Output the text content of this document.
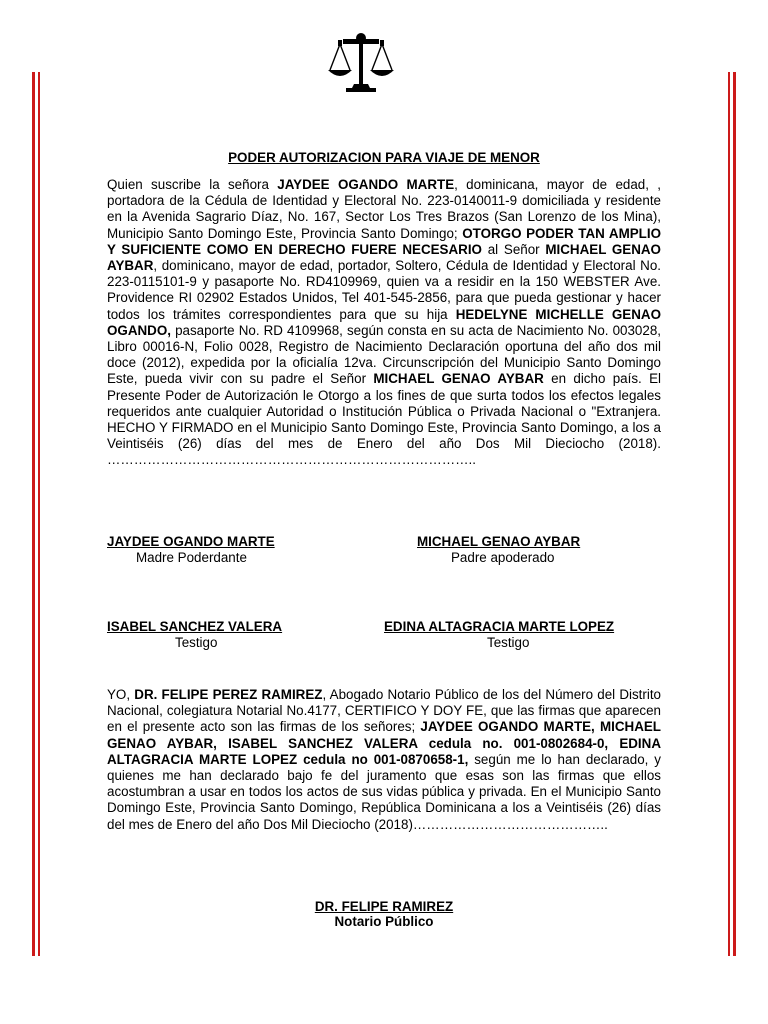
PODER AUTORIZACION PARA VIAJE DE MENOR

Quien suscribe la señora JAYDEE OGANDO MARTE, dominicana, mayor de edad, , portadora de la Cédula de Identidad y Electoral No. 223-0140011-9 domiciliada y residente en la Avenida Sagrario Díaz, No. 167, Sector Los Tres Brazos (San Lorenzo de los Mina), Municipio Santo Domingo Este, Provincia Santo Domingo; OTORGO PODER TAN AMPLIO Y SUFICIENTE COMO EN DERECHO FUERE NECESARIO al Señor MICHAEL GENAO AYBAR, dominicano, mayor de edad, portador, Soltero, Cédula de Identidad y Electoral No. 223-0115101-9 y pasaporte No. RD4109969, quien va a residir en la 150 WEBSTER Ave. Providence RI 02902 Estados Unidos, Tel 401-545-2856, para que pueda gestionar y hacer todos los trámites correspondientes para que su hija HEDELYNE MICHELLE GENAO OGANDO, pasaporte No. RD 4109968, según consta en su acta de Nacimiento No. 003028, Libro 00016-N, Folio 0028, Registro de Nacimiento Declaración oportuna del año dos mil doce (2012), expedida por la oficialía 12va. Circunscripción del Municipio Santo Domingo Este, pueda vivir con su padre el Señor MICHAEL GENAO AYBAR en dicho país. El Presente Poder de Autorización le Otorgo a los fines de que surta todos los efectos legales requeridos ante cualquier Autoridad o Institución Pública o Privada Nacional o "Extranjera. HECHO Y FIRMADO en el Municipio Santo Domingo Este, Provincia Santo Domingo, a los a Veintiséis (26) días del mes de Enero del año Dos Mil Dieciocho (2018). ………………………………………………………………………..

JAYDEE OGANDO MARTE
Madre Poderdante
MICHAEL GENAO AYBAR
Padre apoderado
ISABEL SANCHEZ VALERA
Testigo
EDINA ALTAGRACIA MARTE LOPEZ
Testigo

YO, DR. FELIPE PEREZ RAMIREZ, Abogado Notario Público de los del Número del Distrito Nacional, colegiatura Notarial No.4177, CERTIFICO Y DOY FE, que las firmas que aparecen en el presente acto son las firmas de los señores; JAYDEE OGANDO MARTE, MICHAEL GENAO AYBAR, ISABEL SANCHEZ VALERA cedula no. 001-0802684-0, EDINA ALTAGRACIA MARTE LOPEZ cedula no 001-0870658-1, según me lo han declarado, y quienes me han declarado bajo fe del juramento que esas son las firmas que ellos acostumbran a usar en todos los actos de sus vidas pública y privada. En el Municipio Santo Domingo Este, Provincia Santo Domingo, República Dominicana a los a Veintiséis (26) días del mes de Enero del año Dos Mil Dieciocho (2018)……………………………………..

DR. FELIPE RAMIREZ
Notario Público
